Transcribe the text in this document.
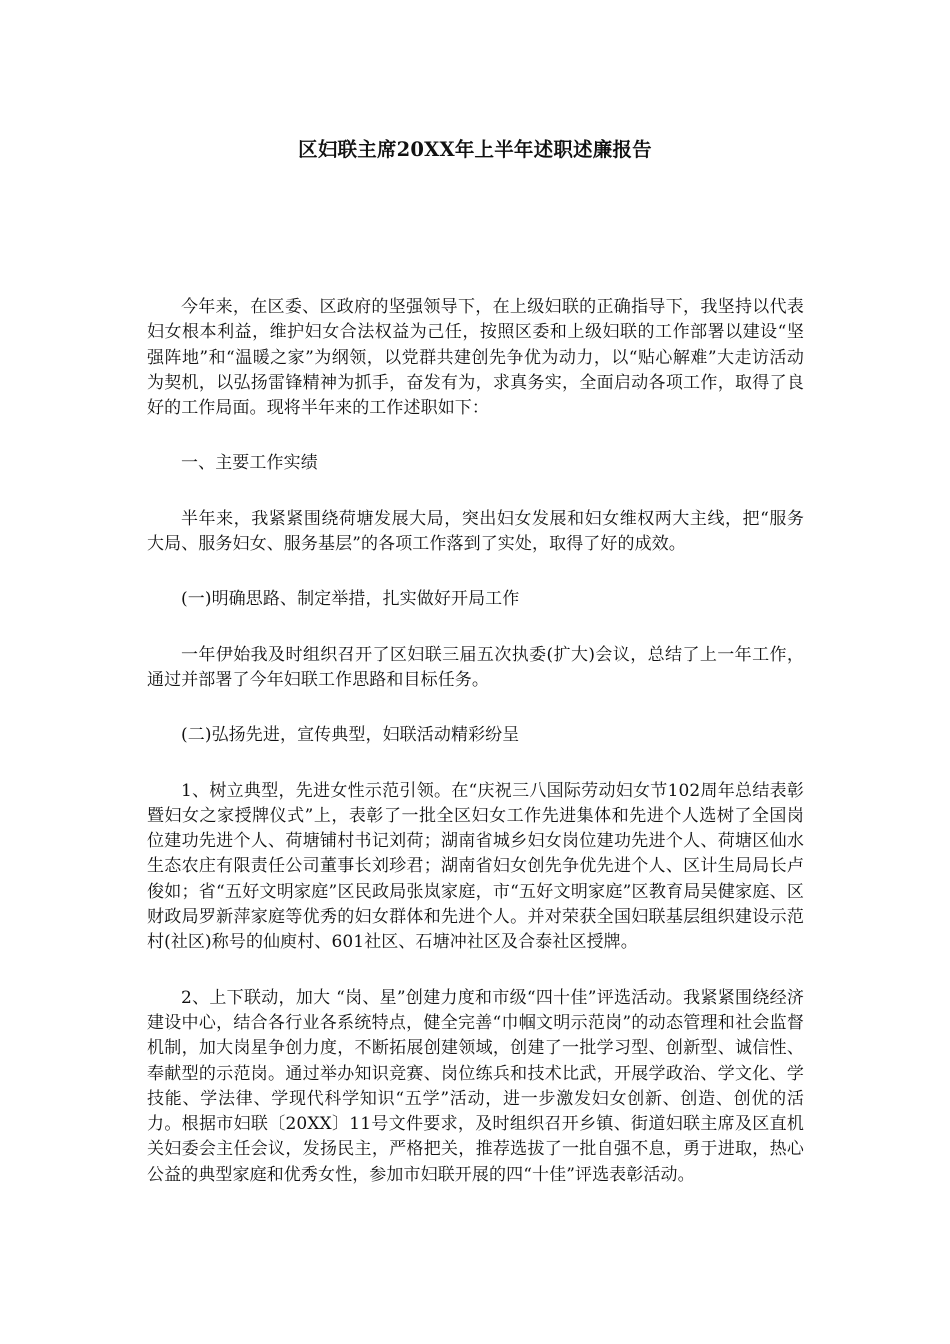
区妇联主席20XX年上半年述职述廉报告

今年来，在区委、区政府的坚强领导下，在上级妇联的正确指导下，我坚持以代表妇女根本利益，维护妇女合法权益为己任，按照区委和上级妇联的工作部署以建设“坚强阵地”和“温暖之家”为纲领，以党群共建创先争优为动力，以“贴心解难”大走访活动为契机，以弘扬雷锋精神为抓手，奋发有为，求真务实，全面启动各项工作，取得了良好的工作局面。现将半年来的工作述职如下：

一、主要工作实绩

半年来，我紧紧围绕荷塘发展大局，突出妇女发展和妇女维权两大主线，把“服务大局、服务妇女、服务基层”的各项工作落到了实处，取得了好的成效。

(一)明确思路、制定举措，扎实做好开局工作

一年伊始我及时组织召开了区妇联三届五次执委(扩大)会议，总结了上一年工作，通过并部署了今年妇联工作思路和目标任务。

(二)弘扬先进，宣传典型，妇联活动精彩纷呈

1、树立典型，先进女性示范引领。在“庆祝三八国际劳动妇女节102周年总结表彰暨妇女之家授牌仪式”上，表彰了一批全区妇女工作先进集体和先进个人选树了全国岗位建功先进个人、荷塘铺村书记刘荷；湖南省城乡妇女岗位建功先进个人、荷塘区仙水生态农庄有限责任公司董事长刘珍君；湖南省妇女创先争优先进个人、区计生局局长卢俊如；省“五好文明家庭”区民政局张岚家庭，市“五好文明家庭”区教育局吴健家庭、区财政局罗新萍家庭等优秀的妇女群体和先进个人。并对荣获全国妇联基层组织建设示范村(社区)称号的仙庾村、601社区、石塘冲社区及合泰社区授牌。

2、上下联动，加大 “岗、星”创建力度和市级“四十佳”评选活动。我紧紧围绕经济建设中心，结合各行业各系统特点，健全完善“巾帼文明示范岗”的动态管理和社会监督机制，加大岗星争创力度，不断拓展创建领域，创建了一批学习型、创新型、诚信性、奉献型的示范岗。通过举办知识竞赛、岗位练兵和技术比武，开展学政治、学文化、学技能、学法律、学现代科学知识“五学”活动，进一步激发妇女创新、创造、创优的活力。根据市妇联〔20XX〕11号文件要求，及时组织召开乡镇、街道妇联主席及区直机关妇委会主任会议，发扬民主，严格把关，推荐选拔了一批自强不息，勇于进取，热心公益的典型家庭和优秀女性，参加市妇联开展的四“十佳”评选表彰活动。
